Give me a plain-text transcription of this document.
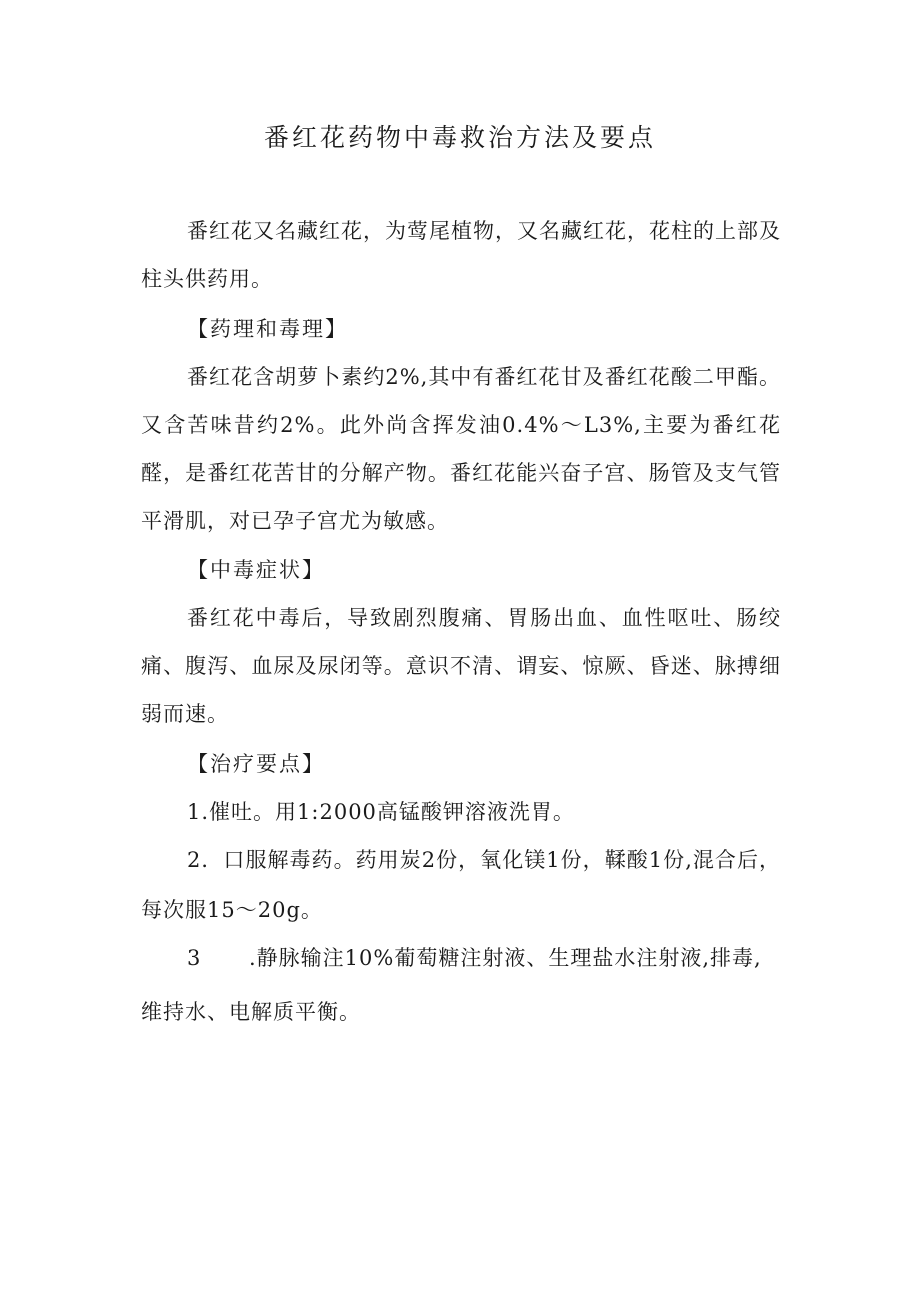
番红花药物中毒救治方法及要点

番红花又名藏红花，为莺尾植物，又名藏红花，花柱的上部及柱头供药用。

【药理和毒理】

番红花含胡萝卜素约2%,其中有番红花甘及番红花酸二甲酯。又含苦味昔约2%。此外尚含挥发油0.4%～L3%,主要为番红花醛，是番红花苦甘的分解产物。番红花能兴奋子宫、肠管及支气管平滑肌，对已孕子宫尤为敏感。

【中毒症状】

番红花中毒后，导致剧烈腹痛、胃肠出血、血性呕吐、肠绞痛、腹泻、血尿及尿闭等。意识不清、谓妄、惊厥、昏迷、脉搏细弱而速。

【治疗要点】

1.催吐。用1:2000高锰酸钾溶液洗胃。

2．口服解毒药。药用炭2份，氧化镁1份，鞣酸1份,混合后，每次服15～20g。

3 .静脉输注10%葡萄糖注射液、生理盐水注射液,排毒,维持水、电解质平衡。
